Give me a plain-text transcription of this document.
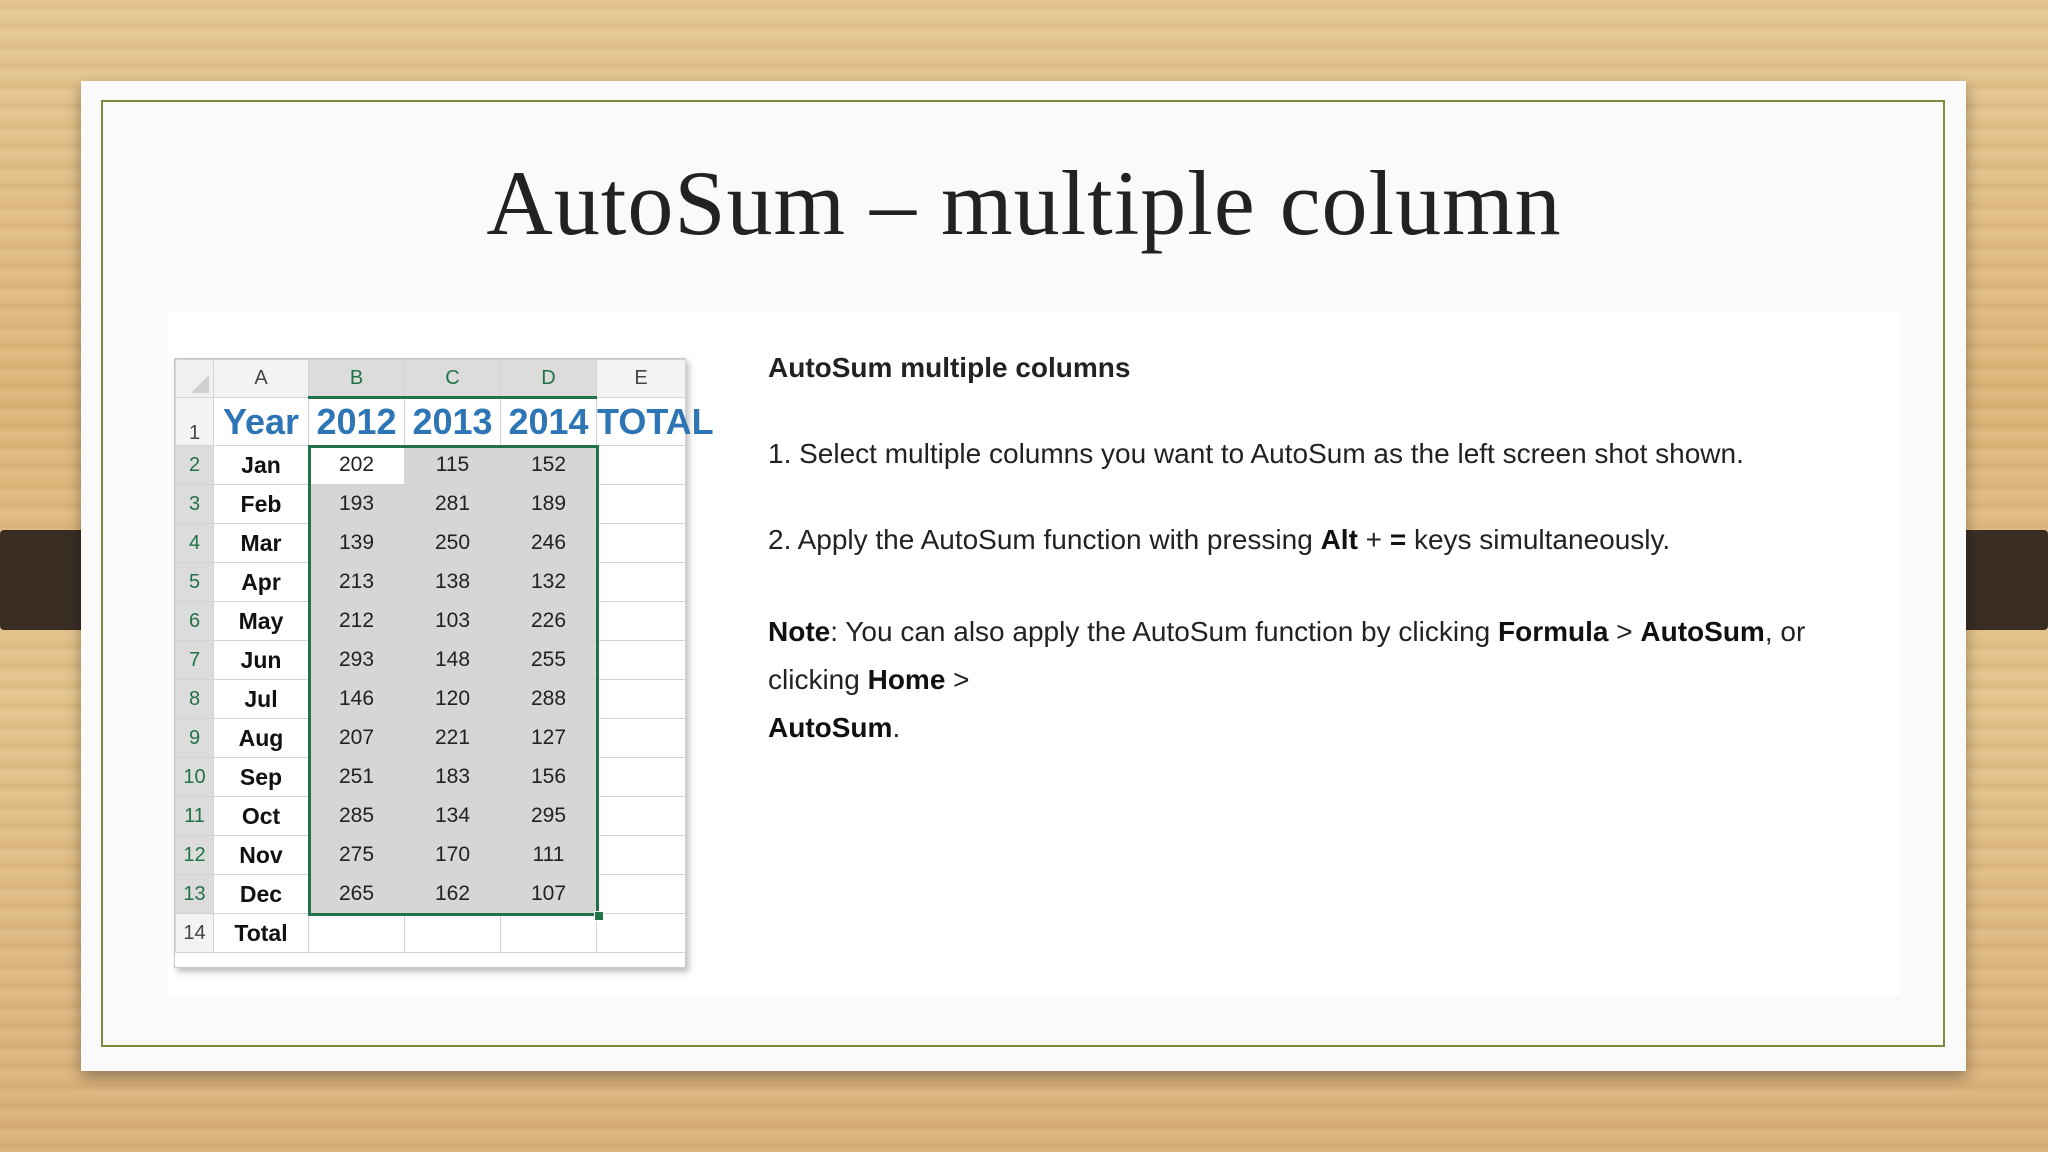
AutoSum – multiple column
	A	B	C	D	E
1	Year	2012	2013	2014	TOTAL
2	Jan	202	115	152	
3	Feb	193	281	189	
4	Mar	139	250	246	
5	Apr	213	138	132	
6	May	212	103	226	
7	Jun	293	148	255	
8	Jul	146	120	288	
9	Aug	207	221	127	
10	Sep	251	183	156	
11	Oct	285	134	295	
12	Nov	275	170	111	
13	Dec	265	162	107	
14	Total				

AutoSum multiple columns

1. Select multiple columns you want to AutoSum as the left screen shot shown.

2. Apply the AutoSum function with pressing Alt + = keys simultaneously.

Note: You can also apply the AutoSum function by clicking Formula > AutoSum, or clicking Home >
AutoSum.
